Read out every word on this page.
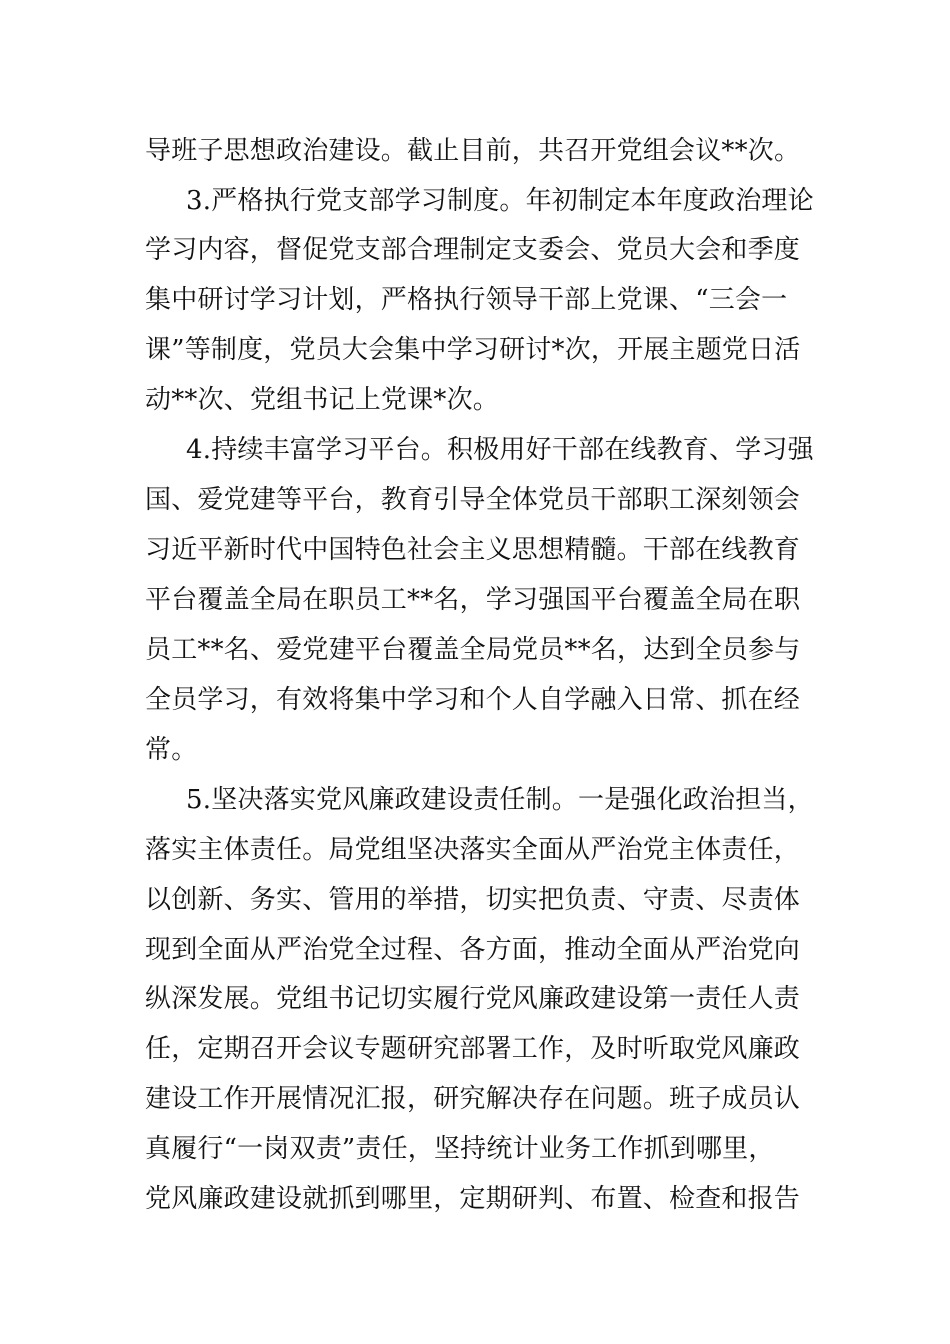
导班子思想政治建设。截止目前，共召开党组会议**次。
3.严格执行党支部学习制度。年初制定本年度政治理论
学习内容，督促党支部合理制定支委会、党员大会和季度
集中研讨学习计划，严格执行领导干部上党课、“三会一
课”等制度，党员大会集中学习研讨*次，开展主题党日活
动**次、党组书记上党课*次。
4.持续丰富学习平台。积极用好干部在线教育、学习强
国、爱党建等平台，教育引导全体党员干部职工深刻领会
习近平新时代中国特色社会主义思想精髓。干部在线教育
平台覆盖全局在职员工**名，学习强国平台覆盖全局在职
员工**名、爱党建平台覆盖全局党员**名，达到全员参与
全员学习，有效将集中学习和个人自学融入日常、抓在经
常。
5.坚决落实党风廉政建设责任制。一是强化政治担当，
落实主体责任。局党组坚决落实全面从严治党主体责任，
以创新、务实、管用的举措，切实把负责、守责、尽责体
现到全面从严治党全过程、各方面，推动全面从严治党向
纵深发展。党组书记切实履行党风廉政建设第一责任人责
任，定期召开会议专题研究部署工作，及时听取党风廉政
建设工作开展情况汇报，研究解决存在问题。班子成员认
真履行“一岗双责”责任，坚持统计业务工作抓到哪里，
党风廉政建设就抓到哪里，定期研判、布置、检查和报告
